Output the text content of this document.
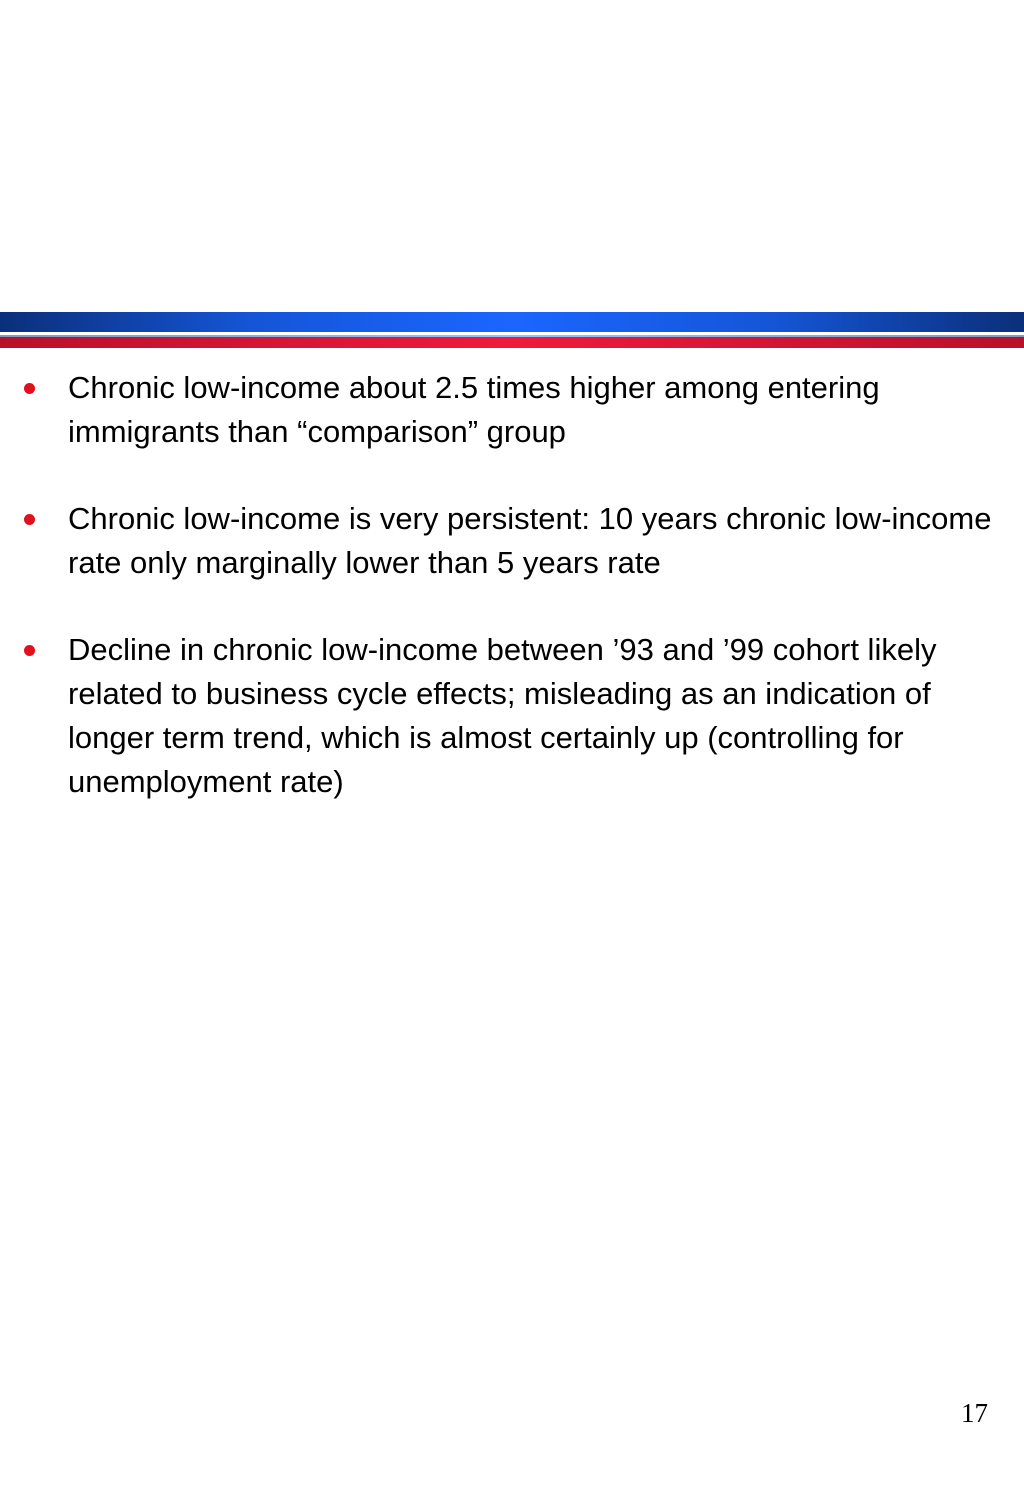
Chronic low-income about 2.5 times higher among entering immigrants than “comparison” group
Chronic low-income is very persistent: 10 years chronic low-income rate only marginally lower than 5 years rate
Decline in chronic low-income between ’93 and ’99 cohort likely related to business cycle effects; misleading as an indication of longer term trend, which is almost certainly up (controlling for unemployment rate)
17
